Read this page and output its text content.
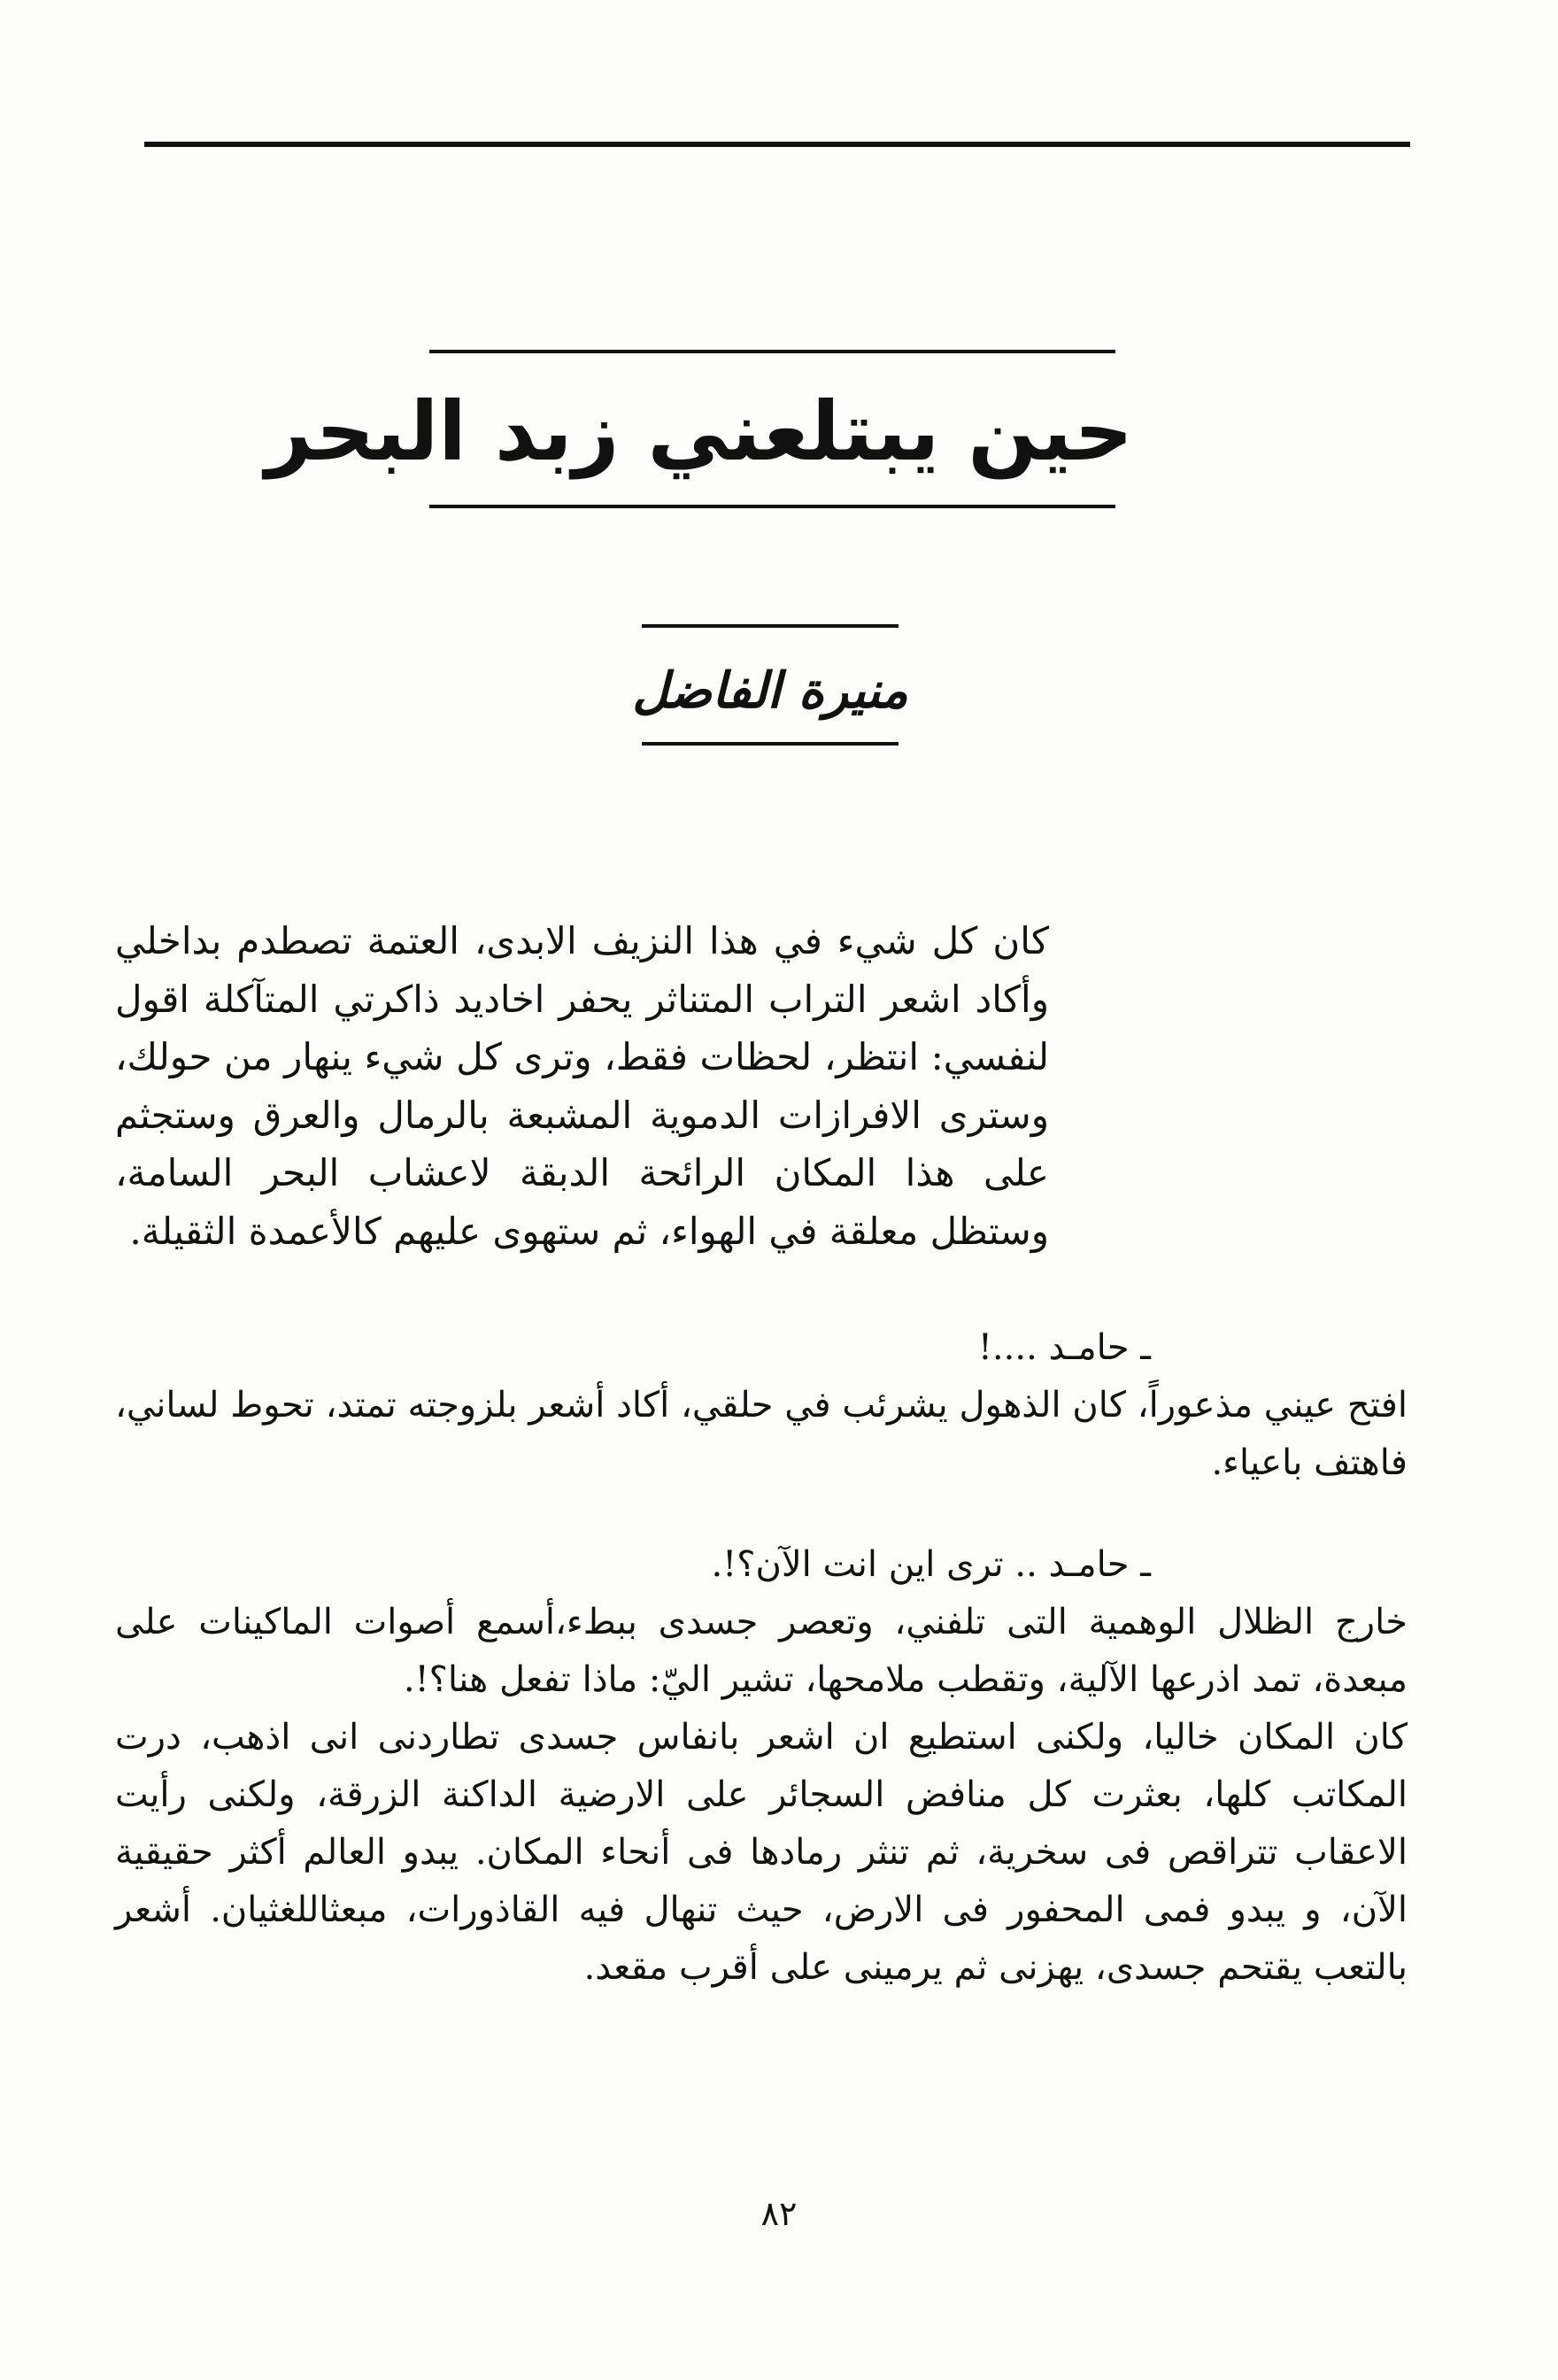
حين يبتلعني زبد البحر
منيرة الفاضل
كان كل شيء في هذا النزيف الابدى، العتمة تصطدم بداخلي وأكاد اشعر التراب المتناثر يحفر اخاديد ذاكرتي المتآكلة اقول لنفسي: انتظر، لحظات فقط، وترى كل شيء ينهار من حولك، وسترى الافرازات الدموية المشبعة بالرمال والعرق وستجثم على هذا المكان الرائحة الدبقة لاعشاب البحر السامة، وستظل معلقة في الهواء، ثم ستهوى عليهم كالأعمدة الثقيلة.
ـ حامـد ....!
افتح عيني مذعوراً، كان الذهول يشرئب في حلقي، أكاد أشعر بلزوجته تمتد، تحوط لساني، فاهتف باعياء.
ـ حامـد .. ترى اين انت الآن؟!.
خارج الظلال الوهمية التى تلفني، وتعصر جسدى ببطء،أسمع أصوات الماكينات على مبعدة، تمد اذرعها الآلية، وتقطب ملامحها، تشير اليّ: ماذا تفعل هنا؟!.
كان المكان خاليا، ولكنى استطيع ان اشعر بانفاس جسدى تطاردنى انى اذهب، درت المكاتب كلها، بعثرت كل منافض السجائر على الارضية الداكنة الزرقة، ولكنى رأيت الاعقاب تتراقص فى سخرية، ثم تنثر رمادها فى أنحاء المكان. يبدو العالم أكثر حقيقية الآن، و يبدو فمى المحفور فى الارض، حيث تنهال فيه القاذورات، مبعثاللغثيان. أشعر بالتعب يقتحم جسدى، يهزنى ثم يرمينى على أقرب مقعد.
٨٢
